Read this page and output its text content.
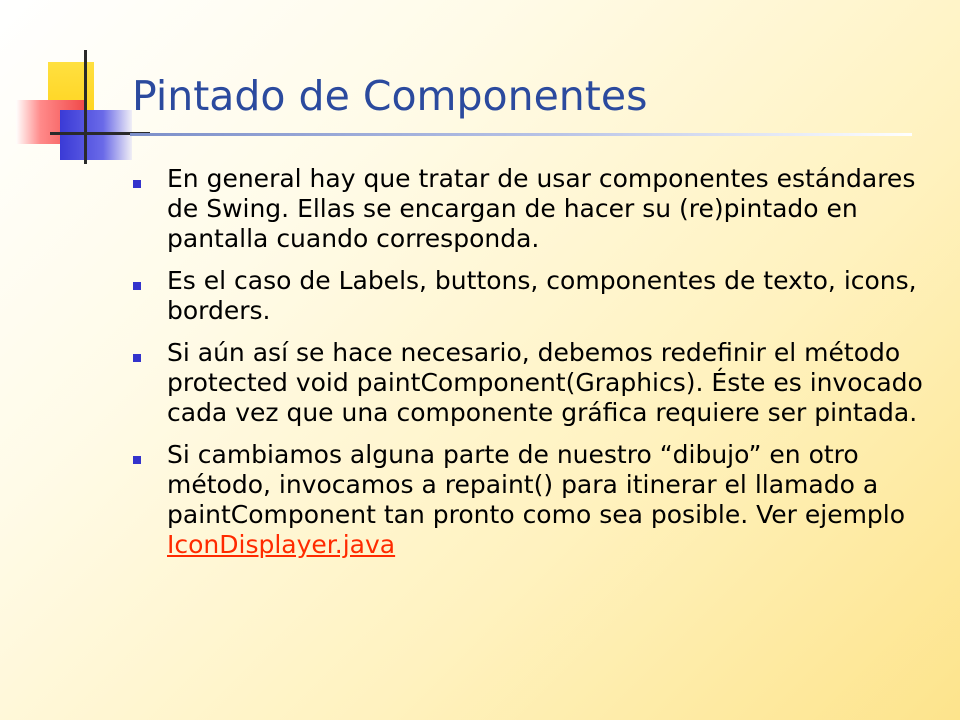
Pintado de Componentes
En general hay que tratar de usar componentes estándares de Swing. Ellas se encargan de hacer su (re)pintado en pantalla cuando corresponda.
Es el caso de Labels, buttons, componentes de texto, icons, borders.
Si aún así se hace necesario, debemos redefinir el método protected void paintComponent(Graphics). Éste es invocado cada vez que una componente gráfica requiere ser pintada.
Si cambiamos alguna parte de nuestro “dibujo” en otro método, invocamos a repaint() para itinerar el llamado a paintComponent tan pronto como sea posible. Ver ejemplo IconDisplayer.java
